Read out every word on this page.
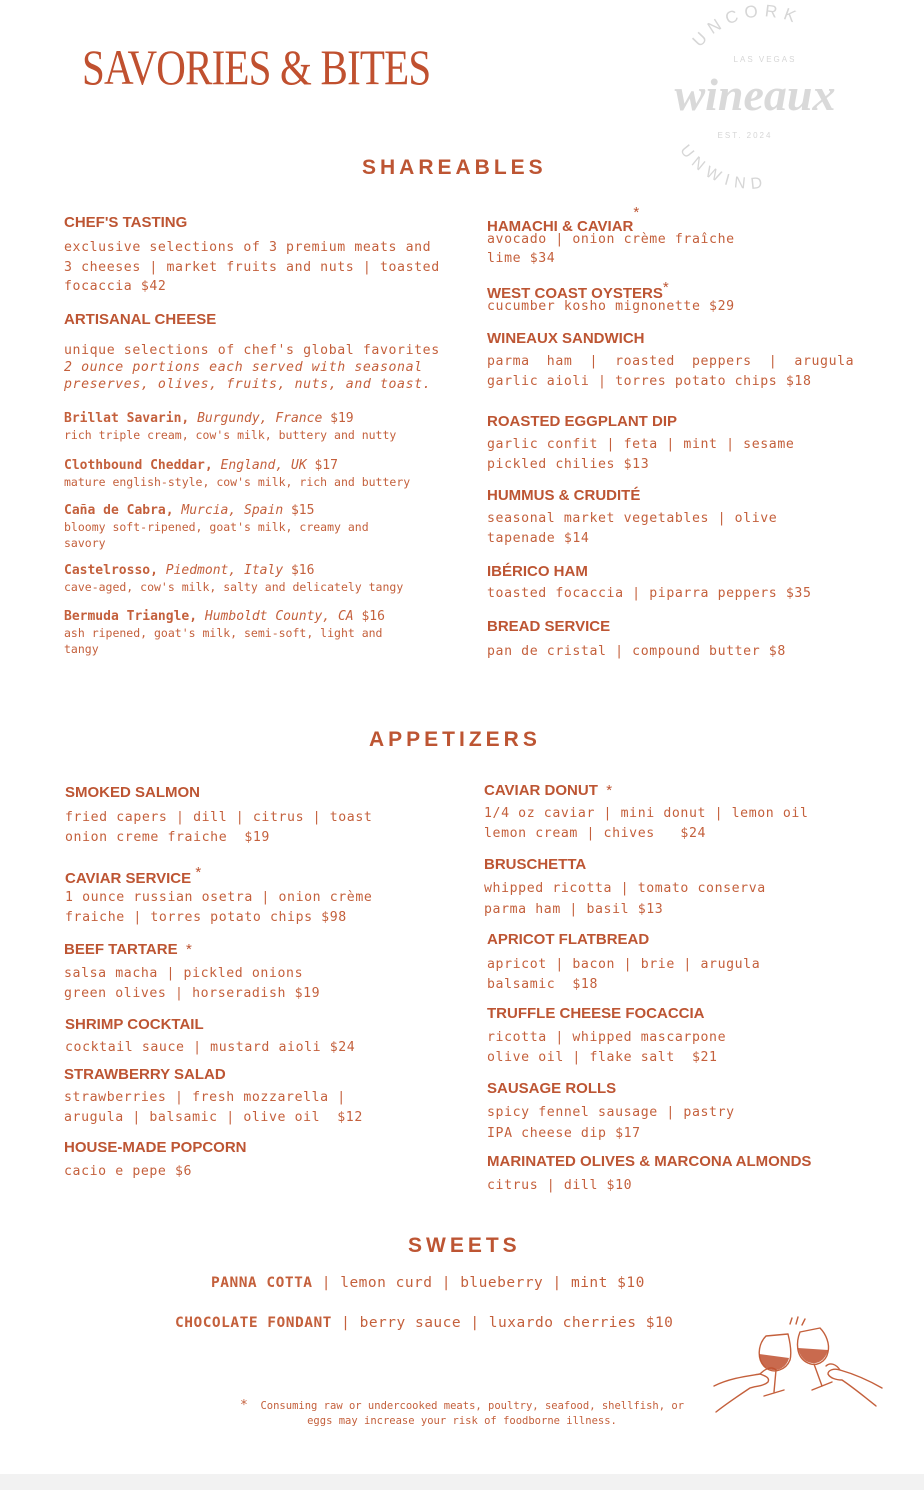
SAVORIES & BITES
UNCORK
LAS VEGAS
wineaux
EST. 2024
UNWIND
SHAREABLES
CHEF'S TASTING
exclusive selections of 3 premium meats and
3 cheeses | market fruits and nuts | toasted
focaccia $42
ARTISANAL CHEESE
unique selections of chef's global favorites
2 ounce portions each served with seasonal
preserves, olives, fruits, nuts, and toast.
Brillat Savarin, Burgundy, France $19
rich triple cream, cow's milk, buttery and nutty
Clothbound Cheddar, England, UK $17
mature english-style, cow's milk, rich and buttery
Caña de Cabra, Murcia, Spain $15
bloomy soft-ripened, goat's milk, creamy and
savory
Castelrosso, Piedmont, Italy $16
cave-aged, cow's milk, salty and delicately tangy
Bermuda Triangle, Humboldt County, CA $16
ash ripened, goat's milk, semi-soft, light and
tangy
HAMACHI & CAVIAR*
avocado | onion crème fraîche
lime $34
WEST COAST OYSTERS*
cucumber kosho mignonette $29
WINEAUX SANDWICH
parma  ham  |  roasted  peppers  |  arugula
garlic aioli | torres potato chips $18
ROASTED EGGPLANT DIP
garlic confit | feta | mint | sesame
pickled chilies $13
HUMMUS & CRUDITÉ
seasonal market vegetables | olive
tapenade $14
IBÉRICO HAM
toasted focaccia | piparra peppers $35
BREAD SERVICE
pan de cristal | compound butter $8
APPETIZERS
SMOKED SALMON
fried capers | dill | citrus | toast
onion creme fraiche  $19
CAVIAR SERVICE *
1 ounce russian osetra | onion crème
fraiche | torres potato chips $98
BEEF TARTARE *
salsa macha | pickled onions
green olives | horseradish $19
SHRIMP COCKTAIL
cocktail sauce | mustard aioli $24
STRAWBERRY SALAD
strawberries | fresh mozzarella |
arugula | balsamic | olive oil  $12
HOUSE-MADE POPCORN
cacio e pepe $6
CAVIAR DONUT *
1/4 oz caviar | mini donut | lemon oil
lemon cream | chives   $24
BRUSCHETTA
whipped ricotta | tomato conserva
parma ham | basil $13
APRICOT FLATBREAD
apricot | bacon | brie | arugula
balsamic  $18
TRUFFLE CHEESE FOCACCIA
ricotta | whipped mascarpone
olive oil | flake salt  $21
SAUSAGE ROLLS
spicy fennel sausage | pastry
IPA cheese dip $17
MARINATED OLIVES & MARCONA ALMONDS
citrus | dill $10
SWEETS
PANNA COTTA | lemon curd | blueberry | mint $10
CHOCOLATE FONDANT | berry sauce | luxardo cherries $10
* Consuming raw or undercooked meats, poultry, seafood, shellfish, or
eggs may increase your risk of foodborne illness.
